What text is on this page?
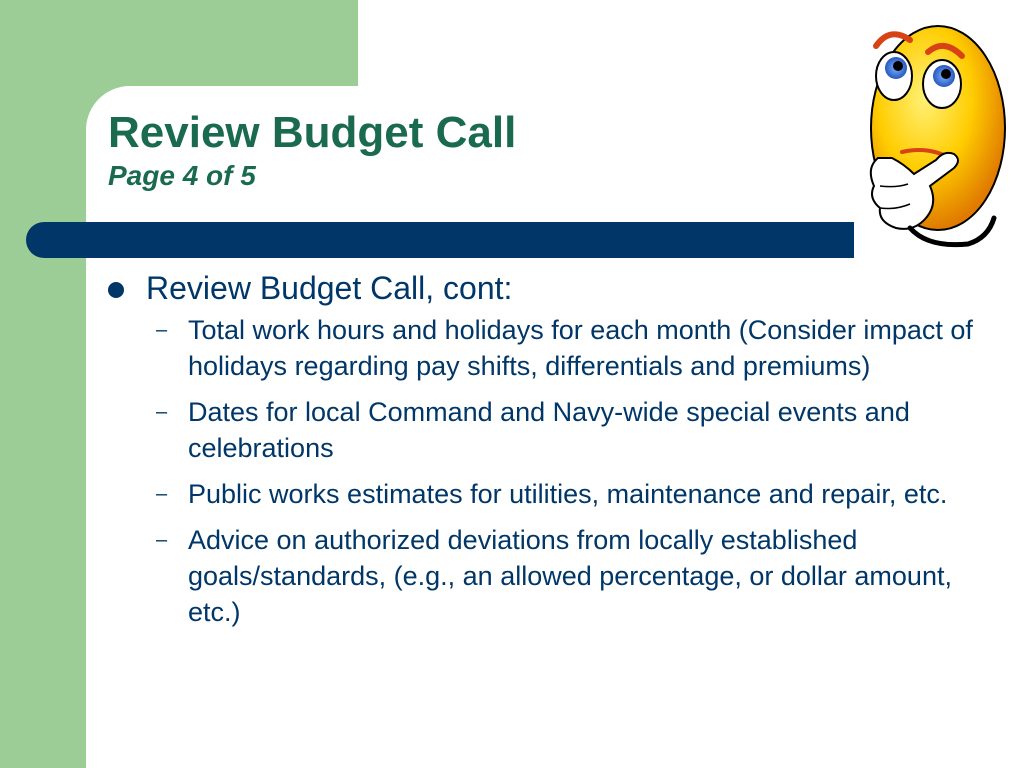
Review Budget Call

Page 4 of 5

Review Budget Call, cont:
– Total work hours and holidays for each month (Consider impact of holidays regarding pay shifts, differentials and premiums)
– Dates for local Command and Navy-wide special events and celebrations
– Public works estimates for utilities, maintenance and repair, etc.
– Advice on authorized deviations from locally established goals/standards, (e.g., an allowed percentage, or dollar amount, etc.)
